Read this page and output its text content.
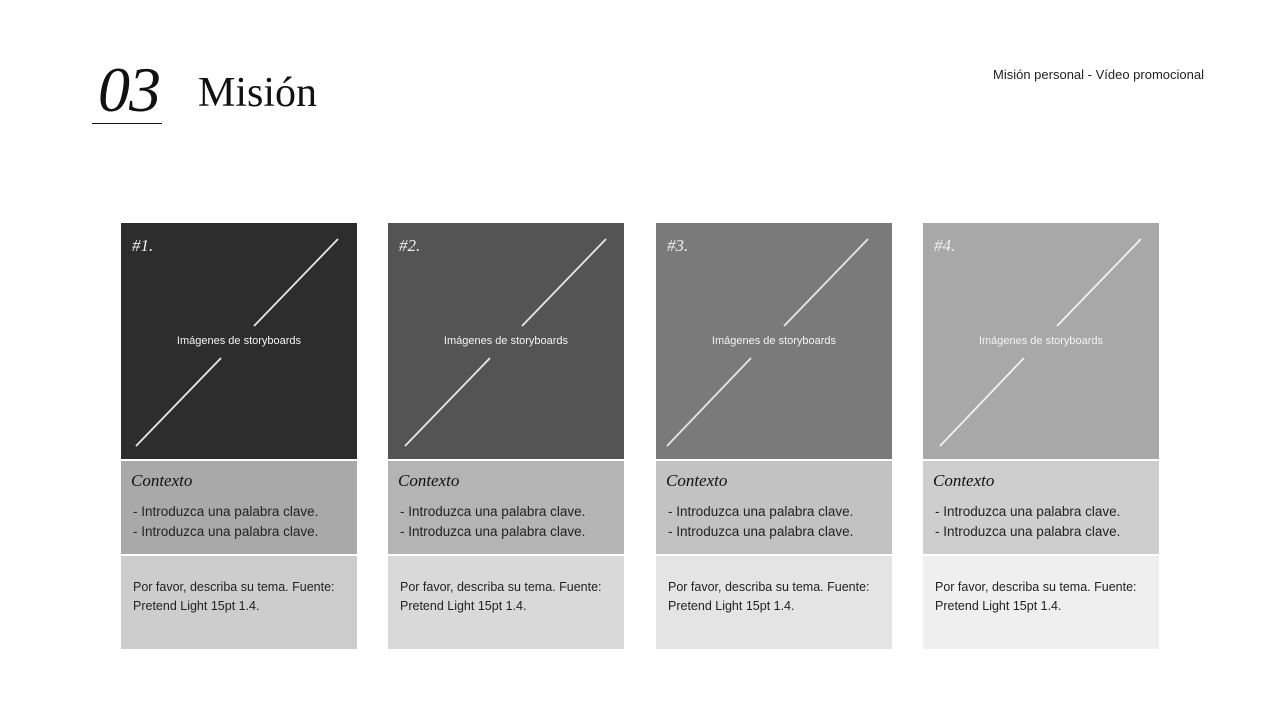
03 Misión	Misión personal - Vídeo promocional
#1.
Imágenes de storyboards
Contexto
- Introduzca una palabra clave.
- Introduzca una palabra clave.
Por favor, describa su tema. Fuente: Pretend Light 15pt 1.4.
#2.
Imágenes de storyboards
Contexto
- Introduzca una palabra clave.
- Introduzca una palabra clave.
Por favor, describa su tema. Fuente: Pretend Light 15pt 1.4.
#3.
Imágenes de storyboards
Contexto
- Introduzca una palabra clave.
- Introduzca una palabra clave.
Por favor, describa su tema. Fuente: Pretend Light 15pt 1.4.
#4.
Imágenes de storyboards
Contexto
- Introduzca una palabra clave.
- Introduzca una palabra clave.
Por favor, describa su tema. Fuente: Pretend Light 15pt 1.4.
